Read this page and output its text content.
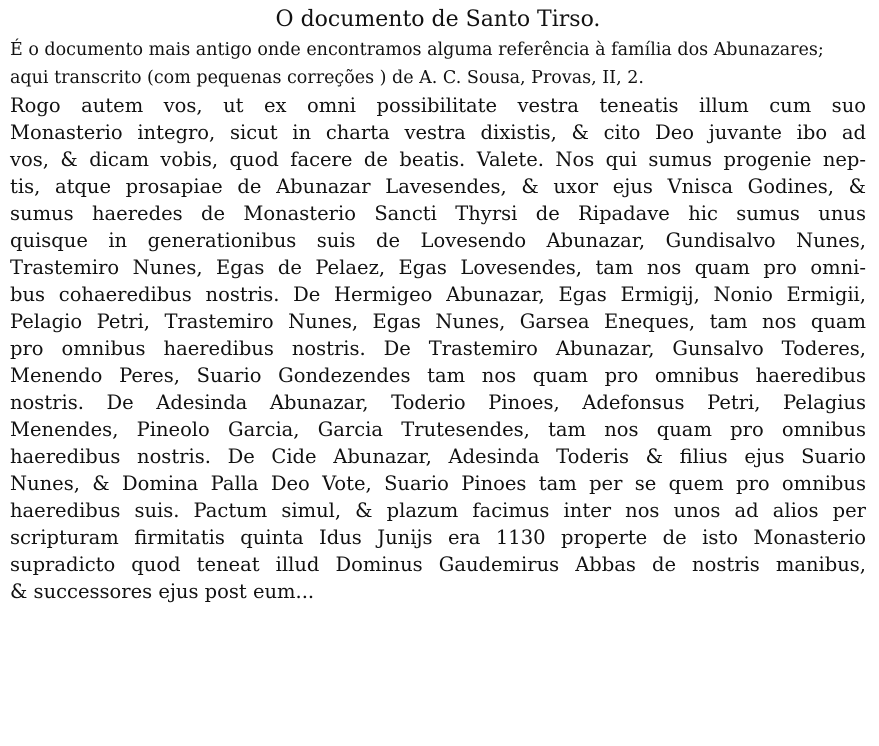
O documento de Santo Tirso.
É o documento mais antigo onde encontramos alguma referência à família dos Abunazares;
aqui transcrito (com pequenas correções ) de A. C. Sousa, Provas, II, 2.
Rogo autem vos, ut ex omni possibilitate vestra teneatis illum cum suo
Monasterio integro, sicut in charta vestra dixistis, & cito Deo juvante ibo ad
vos, & dicam vobis, quod facere de beatis. Valete. Nos qui sumus progenie nep-
tis, atque prosapiae de Abunazar Lavesendes, & uxor ejus Vnisca Godines, &
sumus haeredes de Monasterio Sancti Thyrsi de Ripadave hic sumus unus
quisque in generationibus suis de Lovesendo Abunazar, Gundisalvo Nunes,
Trastemiro Nunes, Egas de Pelaez, Egas Lovesendes, tam nos quam pro omni-
bus cohaeredibus nostris. De Hermigeo Abunazar, Egas Ermigij, Nonio Ermigii,
Pelagio Petri, Trastemiro Nunes, Egas Nunes, Garsea Eneques, tam nos quam
pro omnibus haeredibus nostris. De Trastemiro Abunazar, Gunsalvo Toderes,
Menendo Peres, Suario Gondezendes tam nos quam pro omnibus haeredibus
nostris. De Adesinda Abunazar, Toderio Pinoes, Adefonsus Petri, Pelagius
Menendes, Pineolo Garcia, Garcia Trutesendes, tam nos quam pro omnibus
haeredibus nostris. De Cide Abunazar, Adesinda Toderis & filius ejus Suario
Nunes, & Domina Palla Deo Vote, Suario Pinoes tam per se quem pro omnibus
haeredibus suis. Pactum simul, & plazum facimus inter nos unos ad alios per
scripturam firmitatis quinta Idus Junijs era 1130 properte de isto Monasterio
supradicto quod teneat illud Dominus Gaudemirus Abbas de nostris manibus,
& successores ejus post eum...
